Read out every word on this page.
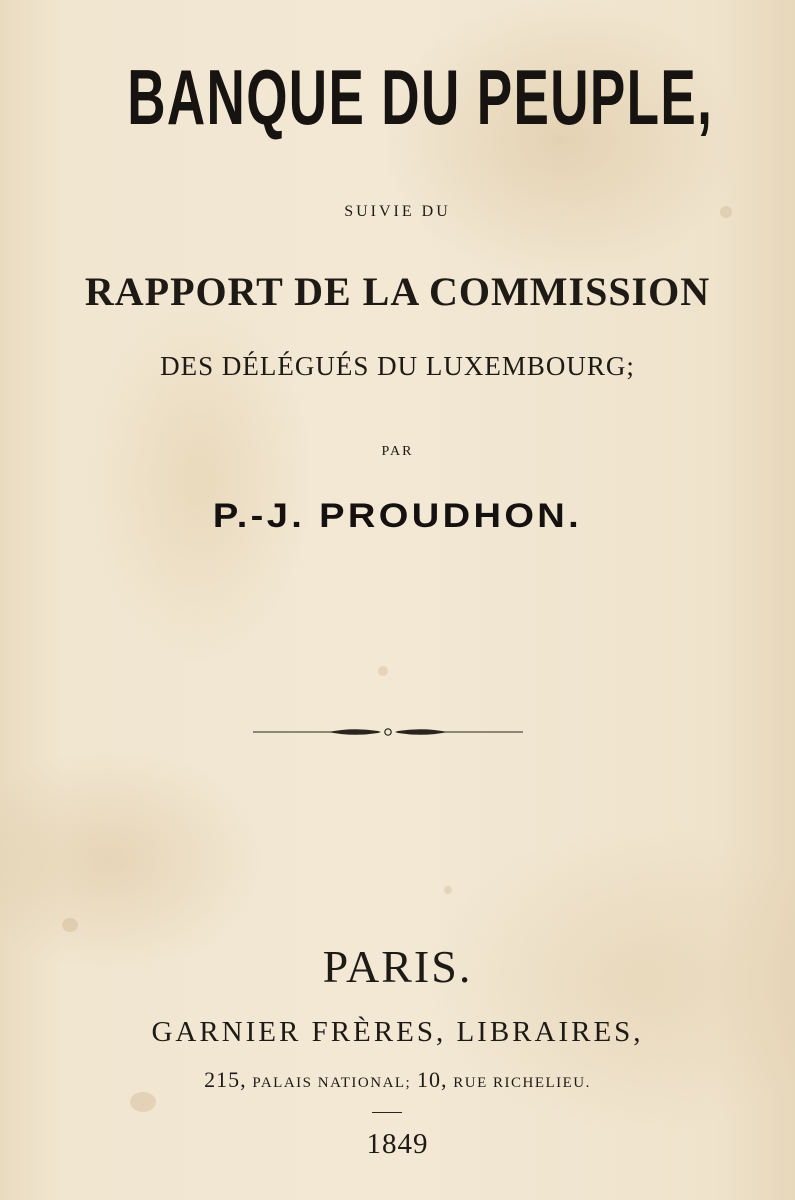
BANQUE DU PEUPLE,

SUIVIE DU

RAPPORT DE LA COMMISSION

DES DÉLÉGUÉS DU LUXEMBOURG;

PAR

P.-J. PROUDHON.

PARIS.

GARNIER FRÈRES, LIBRAIRES,

215, PALAIS NATIONAL; 10, RUE RICHELIEU.

1849
